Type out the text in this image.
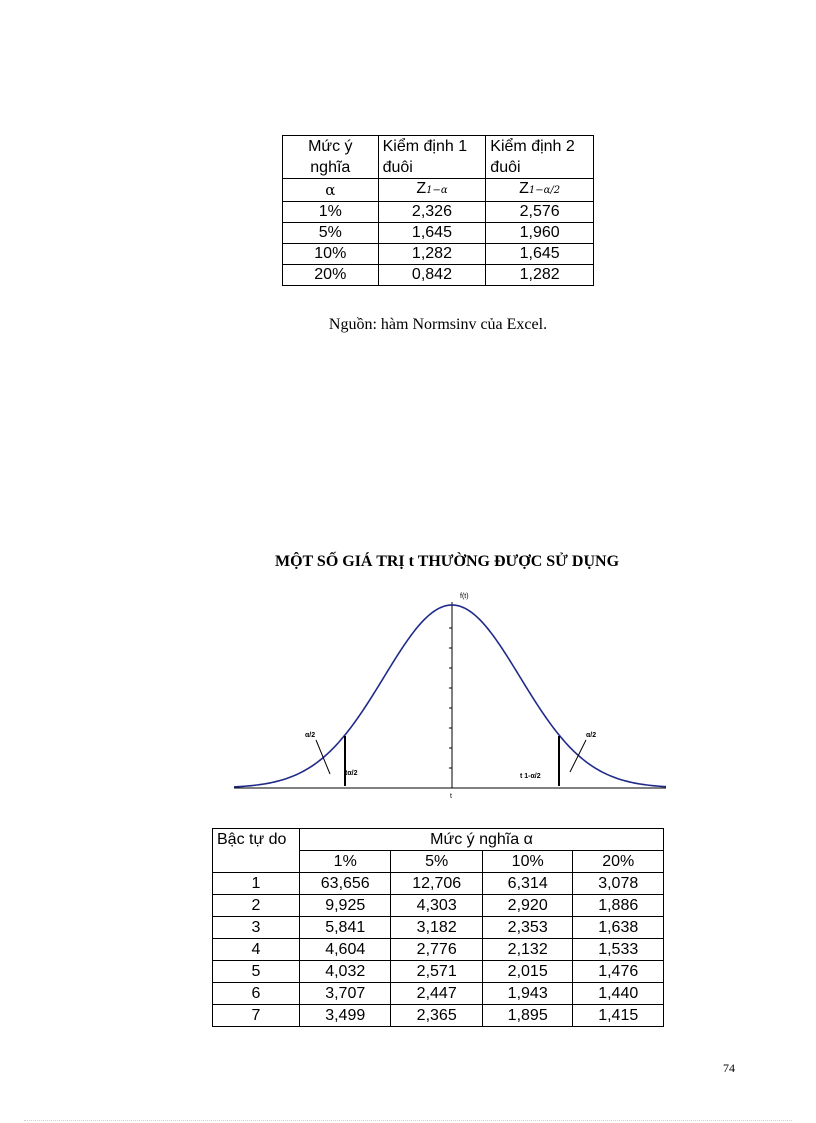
Mức ý nghĩa	Kiểm định 1 đuôi	Kiểm định 2 đuôi
α	Z1−α	Z1−α/2
1%	2,326	2,576
5%	1,645	1,960
10%	1,282	1,645
20%	0,842	1,282
Nguồn: hàm Normsinv của Excel.
MỘT SỐ GIÁ TRỊ t THƯỜNG ĐƯỢC SỬ DỤNG
f(t)
t
α/2	α/2
tα/2	t 1-α/2
Bậc tự do	Mức ý nghĩa α			
	1%	5%	10%	20%
1	63,656	12,706	6,314	3,078
2	9,925	4,303	2,920	1,886
3	5,841	3,182	2,353	1,638
4	4,604	2,776	2,132	1,533
5	4,032	2,571	2,015	1,476
6	3,707	2,447	1,943	1,440
7	3,499	2,365	1,895	1,415
74
